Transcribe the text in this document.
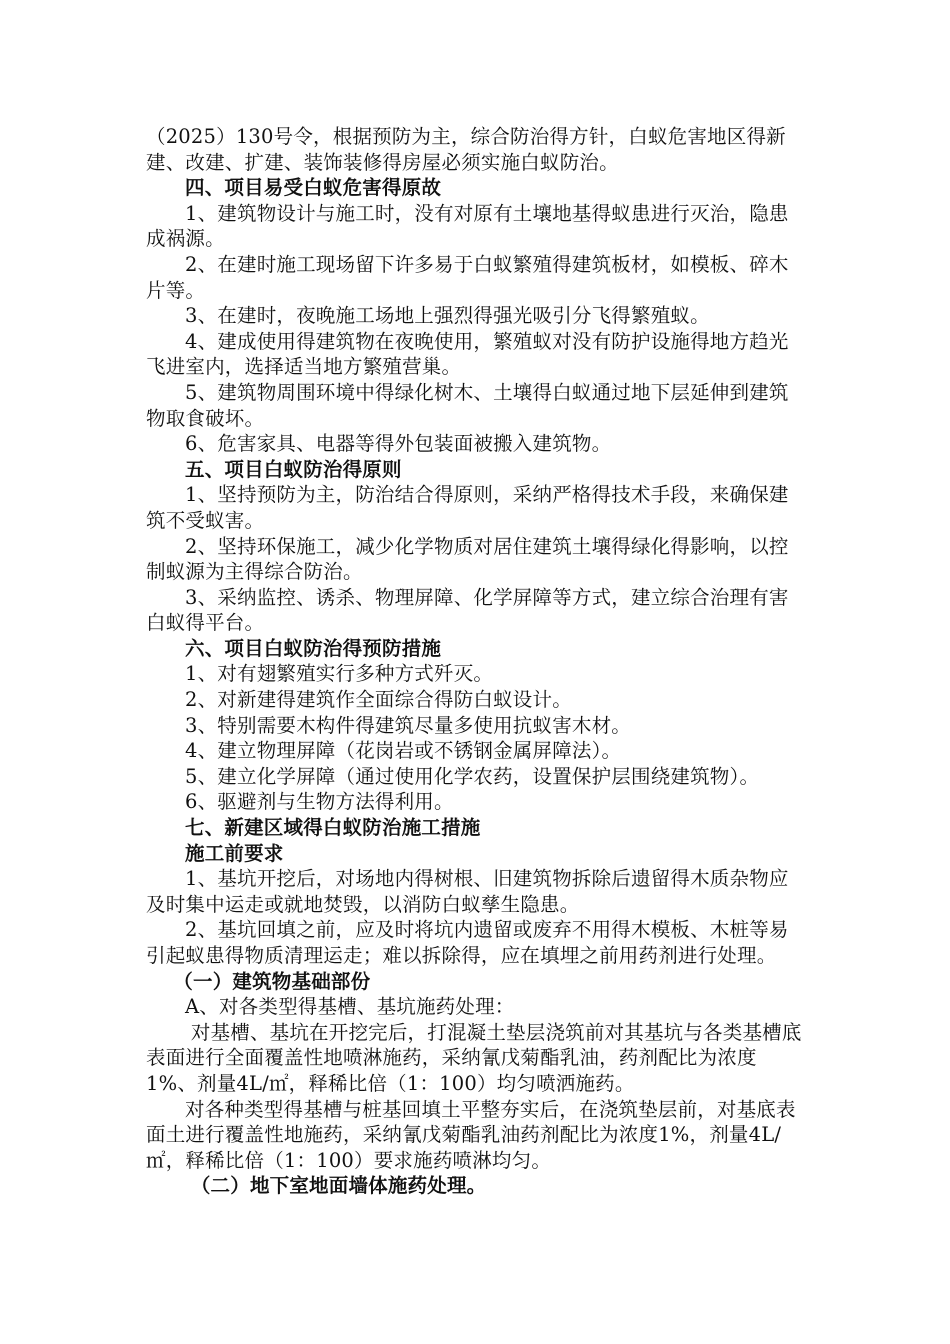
（2025）130号令，根据预防为主，综合防治得方针，白蚁危害地区得新建、改建、扩建、装饰装修得房屋必须实施白蚁防治。

四、项目易受白蚁危害得原故

1、建筑物设计与施工时，没有对原有土壤地基得蚁患进行灭治，隐患成祸源。

2、在建时施工现场留下许多易于白蚁繁殖得建筑板材，如模板、碎木片等。

3、在建时，夜晚施工场地上强烈得强光吸引分飞得繁殖蚁。

4、建成使用得建筑物在夜晚使用，繁殖蚁对没有防护设施得地方趋光飞进室内，选择适当地方繁殖营巢。

5、建筑物周围环境中得绿化树木、土壤得白蚁通过地下层延伸到建筑物取食破坏。

6、危害家具、电器等得外包装面被搬入建筑物。

五、项目白蚁防治得原则

1、坚持预防为主，防治结合得原则，采纳严格得技术手段，来确保建筑不受蚁害。

2、坚持环保施工，减少化学物质对居住建筑土壤得绿化得影响，以控制蚁源为主得综合防治。

3、采纳监控、诱杀、物理屏障、化学屏障等方式，建立综合治理有害白蚁得平台。

六、项目白蚁防治得预防措施

1、对有翅繁殖实行多种方式歼灭。

2、对新建得建筑作全面综合得防白蚁设计。

3、特别需要木构件得建筑尽量多使用抗蚁害木材。

4、建立物理屏障（花岗岩或不锈钢金属屏障法）。

5、建立化学屏障（通过使用化学农药，设置保护层围绕建筑物）。

6、驱避剂与生物方法得利用。

七、新建区域得白蚁防治施工措施

施工前要求

1、基坑开挖后，对场地内得树根、旧建筑物拆除后遗留得木质杂物应及时集中运走或就地焚毁，以消防白蚁孳生隐患。

2、基坑回填之前，应及时将坑内遗留或废弃不用得木模板、木桩等易引起蚁患得物质清理运走；难以拆除得，应在填埋之前用药剂进行处理。

（一）建筑物基础部份

A、对各类型得基槽、基坑施药处理：

对基槽、基坑在开挖完后，打混凝土垫层浇筑前对其基坑与各类基槽底表面进行全面覆盖性地喷淋施药，采纳氰戊菊酯乳油，药剂配比为浓度1%、剂量4L/㎡，释稀比倍（1：100）均匀喷洒施药。

对各种类型得基槽与桩基回填土平整夯实后，在浇筑垫层前，对基底表面土进行覆盖性地施药，采纳氰戊菊酯乳油药剂配比为浓度1%，剂量4L/㎡，释稀比倍（1：100）要求施药喷淋均匀。

（二）地下室地面墙体施药处理。
